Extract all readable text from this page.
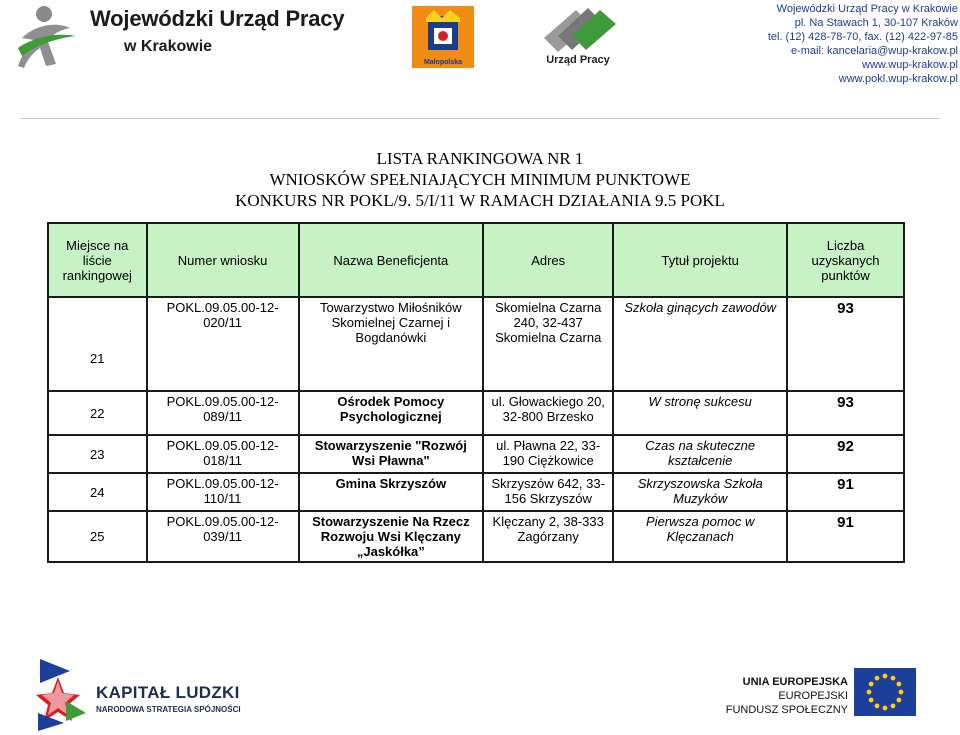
Wojewódzki Urząd Pracy
w Krakowie
Małopolska	Urząd Pracy
Wojewódzki Urząd Pracy w Krakowie
pl. Na Stawach 1, 30-107 Kraków
tel. (12) 428-78-70, fax. (12) 422-97-85
e-mail: kancelaria@wup-krakow.pl
www.wup-krakow.pl
www.pokl.wup-krakow.pl
LISTA RANKINGOWA NR 1
WNIOSKÓW SPEŁNIAJĄCYCH MINIMUM PUNKTOWE
KONKURS NR POKL/9. 5/I/11 W RAMACH DZIAŁANIA 9.5 POKL
Miejsce na liście rankingowej	Numer wniosku	Nazwa Beneficjenta	Adres	Tytuł projektu	Liczba uzyskanych punktów
21	POKL.09.05.00-12-020/11	Towarzystwo Miłośników Skomielnej Czarnej i Bogdanówki	Skomielna Czarna 240, 32-437 Skomielna Czarna	Szkoła ginących zawodów	93
22	POKL.09.05.00-12-089/11	Ośrodek Pomocy Psychologicznej	ul. Głowackiego 20, 32-800 Brzesko	W stronę sukcesu	93
23	POKL.09.05.00-12-018/11	Stowarzyszenie "Rozwój Wsi Pławna"	ul. Pławna 22, 33-190 Ciężkowice	Czas na skuteczne kształcenie	92
24	POKL.09.05.00-12-110/11	Gmina Skrzyszów	Skrzyszów 642, 33-156 Skrzyszów	Skrzyszowska Szkoła Muzyków	91
25	POKL.09.05.00-12-039/11	Stowarzyszenie Na Rzecz Rozwoju Wsi Klęczany „Jaskółka”	Klęczany 2, 38-333 Zagórzany	Pierwsza pomoc w Klęczanach	91
KAPITAŁ LUDZKI
NARODOWA STRATEGIA SPÓJNOŚCI
UNIA EUROPEJSKA
EUROPEJSKI
FUNDUSZ SPOŁECZNY
